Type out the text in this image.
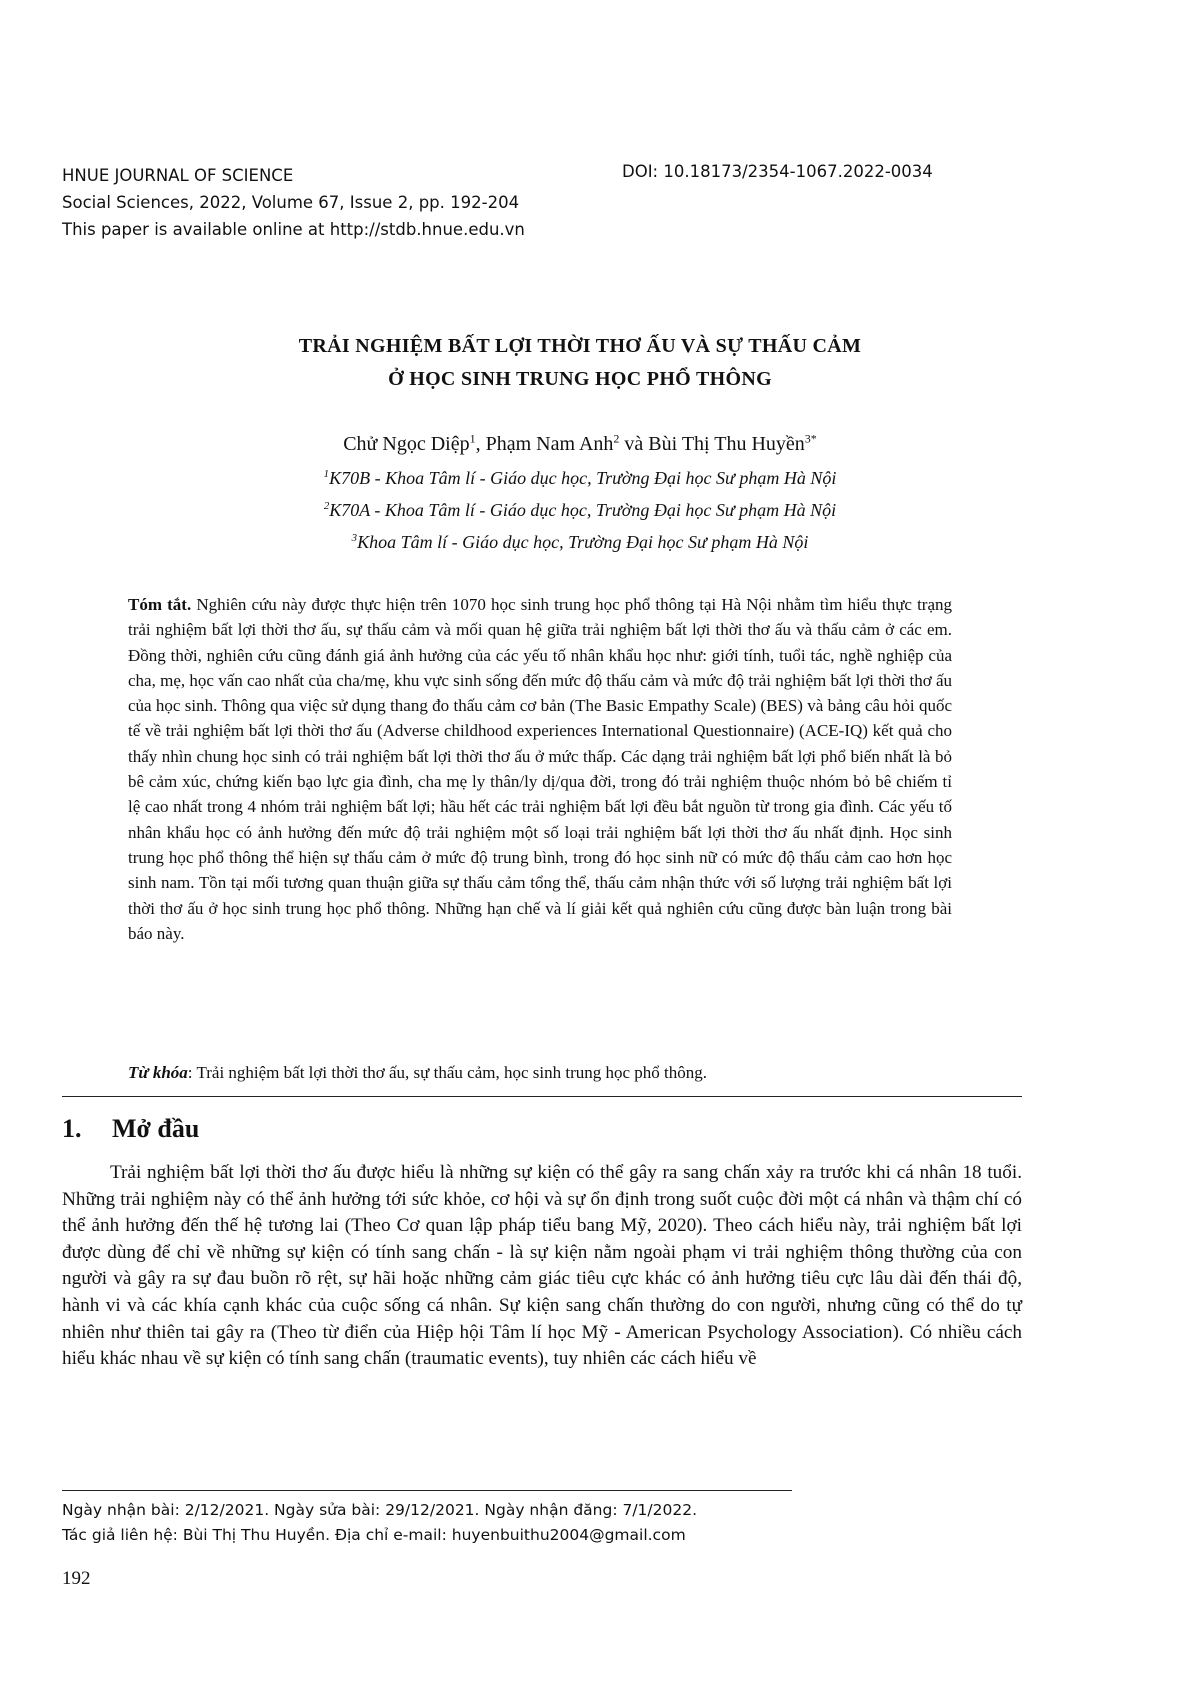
HNUE JOURNAL OF SCIENCE
Social Sciences, 2022, Volume 67, Issue 2, pp. 192-204
This paper is available online at http://stdb.hnue.edu.vn
DOI: 10.18173/2354-1067.2022-0034
TRẢI NGHIỆM BẤT LỢI THỜI THƠ ẤU VÀ SỰ THẤU CẢM
Ở HỌC SINH TRUNG HỌC PHỔ THÔNG
Chử Ngọc Diệp$^1$, Phạm Nam Anh$^2$ và Bùi Thị Thu Huyền$^{3*}$
$^1$K70B - Khoa Tâm lí - Giáo dục học, Trường Đại học Sư phạm Hà Nội
$^2$K70A - Khoa Tâm lí - Giáo dục học, Trường Đại học Sư phạm Hà Nội
$^3$Khoa Tâm lí - Giáo dục học, Trường Đại học Sư phạm Hà Nội
Tóm tắt. Nghiên cứu này được thực hiện trên 1070 học sinh trung học phổ thông tại Hà Nội nhằm tìm hiểu thực trạng trải nghiệm bất lợi thời thơ ấu, sự thấu cảm và mối quan hệ giữa trải nghiệm bất lợi thời thơ ấu và thấu cảm ở các em. Đồng thời, nghiên cứu cũng đánh giá ảnh hưởng của các yếu tố nhân khẩu học như: giới tính, tuổi tác, nghề nghiệp của cha, mẹ, học vấn cao nhất của cha/mẹ, khu vực sinh sống đến mức độ thấu cảm và mức độ trải nghiệm bất lợi thời thơ ấu của học sinh. Thông qua việc sử dụng thang đo thấu cảm cơ bản (The Basic Empathy Scale) (BES) và bảng câu hỏi quốc tế về trải nghiệm bất lợi thời thơ ấu (Adverse childhood experiences International Questionnaire) (ACE-IQ) kết quả cho thấy nhìn chung học sinh có trải nghiệm bất lợi thời thơ ấu ở mức thấp. Các dạng trải nghiệm bất lợi phổ biến nhất là bỏ bê cảm xúc, chứng kiến bạo lực gia đình, cha mẹ ly thân/ly dị/qua đời, trong đó trải nghiệm thuộc nhóm bỏ bê chiếm tỉ lệ cao nhất trong 4 nhóm trải nghiệm bất lợi; hầu hết các trải nghiệm bất lợi đều bắt nguồn từ trong gia đình. Các yếu tố nhân khẩu học có ảnh hưởng đến mức độ trải nghiệm một số loại trải nghiệm bất lợi thời thơ ấu nhất định. Học sinh trung học phổ thông thể hiện sự thấu cảm ở mức độ trung bình, trong đó học sinh nữ có mức độ thấu cảm cao hơn học sinh nam. Tồn tại mối tương quan thuận giữa sự thấu cảm tổng thể, thấu cảm nhận thức với số lượng trải nghiệm bất lợi thời thơ ấu ở học sinh trung học phổ thông. Những hạn chế và lí giải kết quả nghiên cứu cũng được bàn luận trong bài báo này.
Từ khóa: Trải nghiệm bất lợi thời thơ ấu, sự thấu cảm, học sinh trung học phổ thông.
1. Mở đầu

Trải nghiệm bất lợi thời thơ ấu được hiểu là những sự kiện có thể gây ra sang chấn xảy ra trước khi cá nhân 18 tuổi. Những trải nghiệm này có thể ảnh hưởng tới sức khỏe, cơ hội và sự ổn định trong suốt cuộc đời một cá nhân và thậm chí có thể ảnh hưởng đến thế hệ tương lai (Theo Cơ quan lập pháp tiểu bang Mỹ, 2020). Theo cách hiểu này, trải nghiệm bất lợi được dùng để chỉ về những sự kiện có tính sang chấn - là sự kiện nằm ngoài phạm vi trải nghiệm thông thường của con người và gây ra sự đau buồn rõ rệt, sự hãi hoặc những cảm giác tiêu cực khác có ảnh hưởng tiêu cực lâu dài đến thái độ, hành vi và các khía cạnh khác của cuộc sống cá nhân. Sự kiện sang chấn thường do con người, nhưng cũng có thể do tự nhiên như thiên tai gây ra (Theo từ điển của Hiệp hội Tâm lí học Mỹ - American Psychology Association). Có nhiều cách hiểu khác nhau về sự kiện có tính sang chấn (traumatic events), tuy nhiên các cách hiểu về

Ngày nhận bài: 2/12/2021. Ngày sửa bài: 29/12/2021. Ngày nhận đăng: 7/1/2022.
Tác giả liên hệ: Bùi Thị Thu Huyền. Địa chỉ e-mail: huyenbuithu2004@gmail.com
192
